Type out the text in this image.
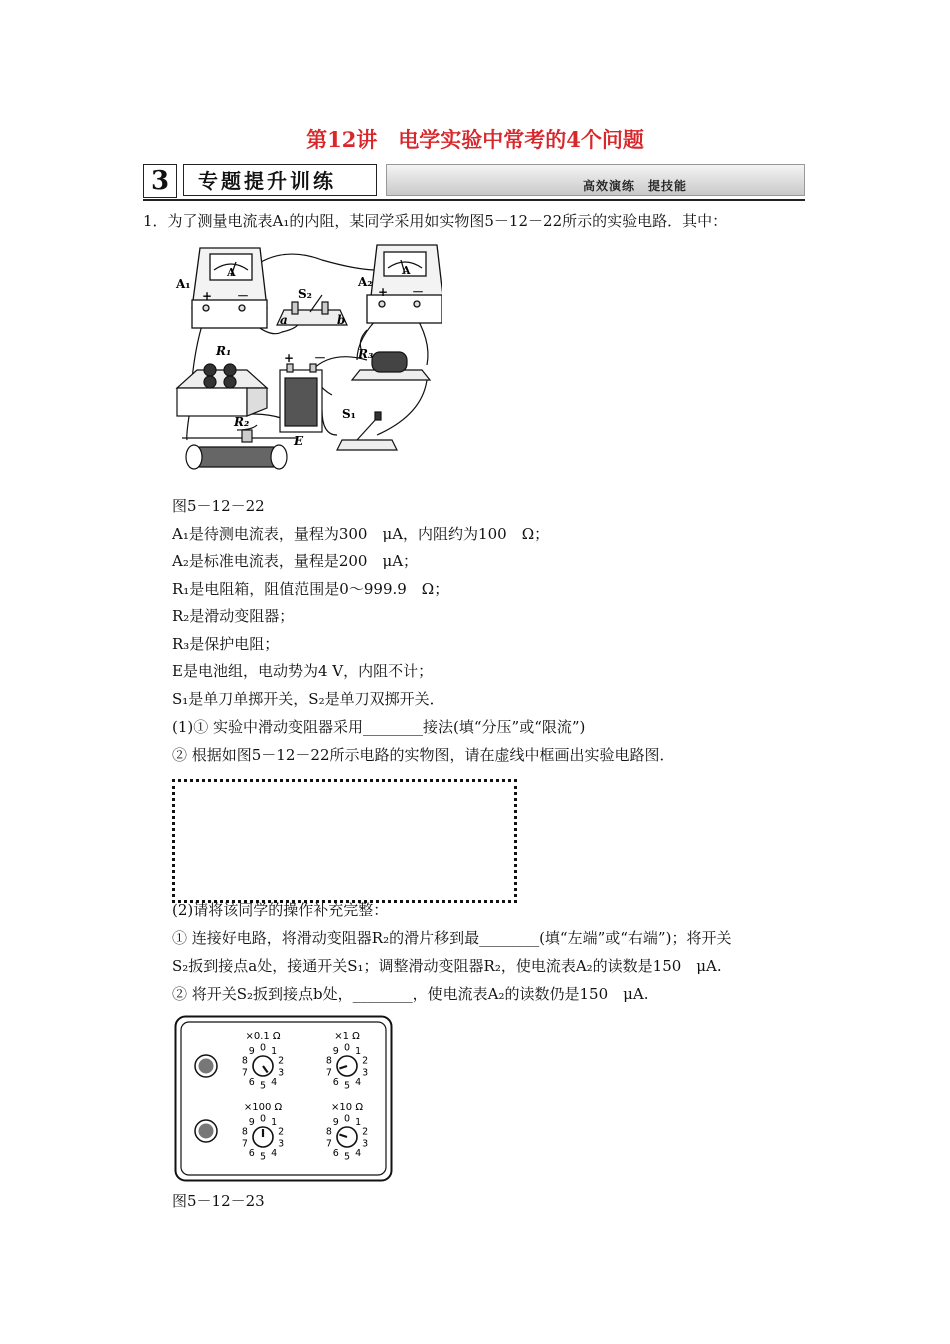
第12讲　电学实验中常考的4个问题
3	专题提升训练	高效演练　提技能
1．为了测量电流表A₁的内阻，某同学采用如实物图5－12－22所示的实验电路．其中：
A₁
A
+ －
A₂
A
+ －
S₂
a	b
R₁	+ －
E
R₃
S₁
R₂
图5－12－22
A₁是待测电流表，量程为300　μA，内阻约为100　Ω；
A₂是标准电流表，量程是200　μA；
R₁是电阻箱，阻值范围是0～999.9　Ω；
R₂是滑动变阻器；
R₃是保护电阻；
E是电池组，电动势为4 V，内阻不计；
S₁是单刀单掷开关，S₂是单刀双掷开关．
(1)① 实验中滑动变阻器采用________接法(填“分压”或“限流”)
② 根据如图5－12－22所示电路的实物图，请在虚线中框画出实验电路图．
(2)请将该同学的操作补充完整：
① 连接好电路，将滑动变阻器R₂的滑片移到最________(填“左端”或“右端”)；将开关
S₂扳到接点a处，接通开关S₁；调整滑动变阻器R₂，使电流表A₂的读数是150　μA.
② 将开关S₂扳到接点b处，________，使电流表A₂的读数仍是150　μA.
×0.1 Ω
0 1
2
3
4
5
6
7
8
9
×1 Ω
0 1
2
3
4
5
6
7
8
9
×100 Ω
0 1
2
3
4
5
6
7
8
9
×10 Ω
0 1
2
3
4
5
6
7
8
9
图5－12－23
